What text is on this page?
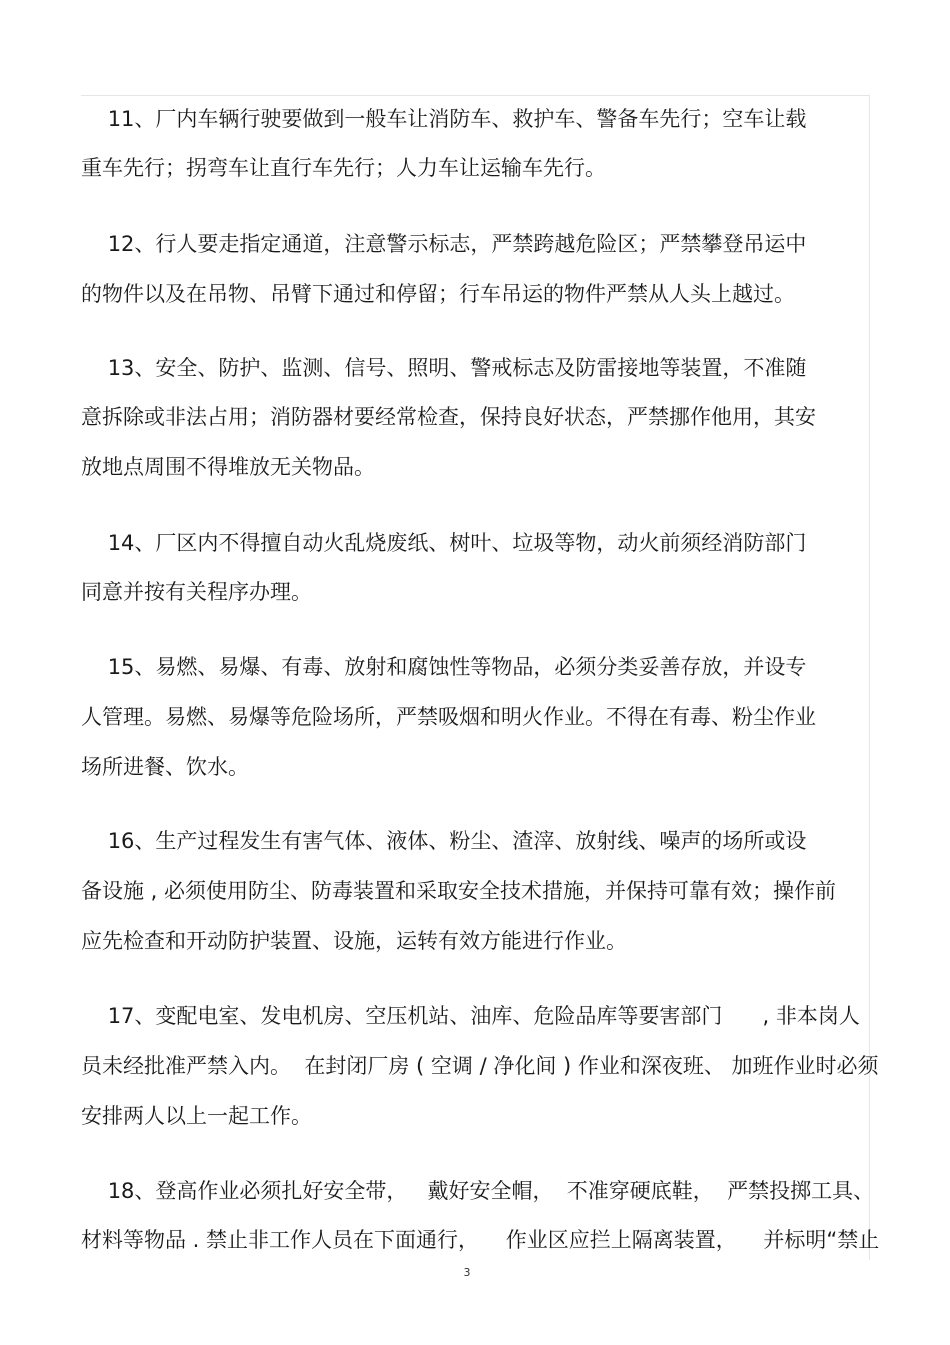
11、厂内车辆行驶要做到一般车让消防车、救护车、警备车先行；空车让载
重车先行；拐弯车让直行车先行；人力车让运输车先行。
12、行人要走指定通道，注意警示标志，严禁跨越危险区；严禁攀登吊运中
的物件以及在吊物、吊臂下通过和停留；行车吊运的物件严禁从人头上越过。
13、安全、防护、监测、信号、照明、警戒标志及防雷接地等装置，不准随
意拆除或非法占用；消防器材要经常检查，保持良好状态，严禁挪作他用，其安
放地点周围不得堆放无关物品。
14、厂区内不得擅自动火乱烧废纸、树叶、垃圾等物，动火前须经消防部门
同意并按有关程序办理。
15、易燃、易爆、有毒、放射和腐蚀性等物品，必须分类妥善存放，并设专
人管理。易燃、易爆等危险场所，严禁吸烟和明火作业。不得在有毒、粉尘作业
场所进餐、饮水。
16、生产过程发生有害气体、液体、粉尘、渣滓、放射线、噪声的场所或设
备设施 , 必须使用防尘、防毒装置和采取安全技术措施，并保持可靠有效；操作前
应先检查和开动防护装置、设施，运转有效方能进行作业。
17、变配电室、发电机房、空压机站、油库、危险品库等要害部门      , 非本岗人
员未经批准严禁入内。  在封闭厂房 ( 空调 / 净化间 ) 作业和深夜班、 加班作业时必须
安排两人以上一起工作。
18、登高作业必须扎好安全带，   戴好安全帽，  不准穿硬底鞋，  严禁投掷工具、
材料等物品 . 禁止非工作人员在下面通行，    作业区应拦上隔离装置，    并标明“禁止
3
